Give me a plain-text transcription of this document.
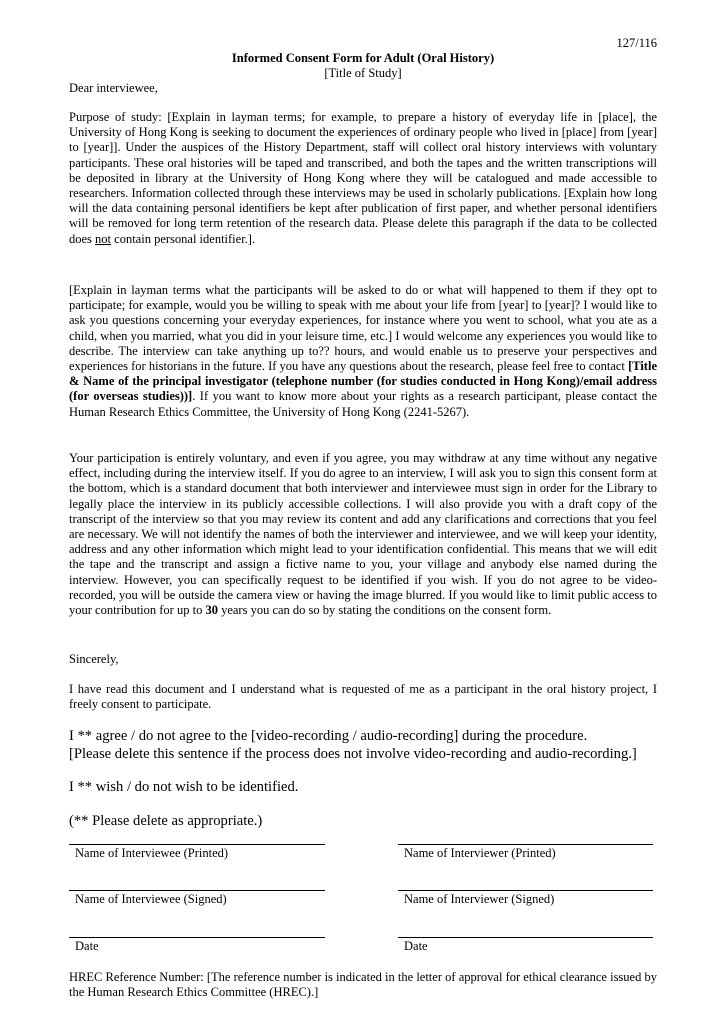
127/116
Informed Consent Form for Adult (Oral History)
[Title of Study]
Dear interviewee,
Purpose of study: [Explain in layman terms; for example, to prepare a history of everyday life in [place], the University of Hong Kong is seeking to document the experiences of ordinary people who lived in [place] from [year] to [year]]. Under the auspices of the History Department, staff will collect oral history interviews with voluntary participants. These oral histories will be taped and transcribed, and both the tapes and the written transcriptions will be deposited in library at the University of Hong Kong where they will be catalogued and made accessible to researchers. Information collected through these interviews may be used in scholarly publications. [Explain how long will the data containing personal identifiers be kept after publication of first paper, and whether personal identifiers will be removed for long term retention of the research data. Please delete this paragraph if the data to be collected does not contain personal identifier.].
[Explain in layman terms what the participants will be asked to do or what will happened to them if they opt to participate; for example, would you be willing to speak with me about your life from [year] to [year]? I would like to ask you questions concerning your everyday experiences, for instance where you went to school, what you ate as a child, when you married, what you did in your leisure time, etc.] I would welcome any experiences you would like to describe. The interview can take anything up to?? hours, and would enable us to preserve your perspectives and experiences for historians in the future. If you have any questions about the research, please feel free to contact [Title & Name of the principal investigator (telephone number (for studies conducted in Hong Kong)/email address (for overseas studies))]. If you want to know more about your rights as a research participant, please contact the Human Research Ethics Committee, the University of Hong Kong (2241-5267).
Your participation is entirely voluntary, and even if you agree, you may withdraw at any time without any negative effect, including during the interview itself. If you do agree to an interview, I will ask you to sign this consent form at the bottom, which is a standard document that both interviewer and interviewee must sign in order for the Library to legally place the interview in its publicly accessible collections. I will also provide you with a draft copy of the transcript of the interview so that you may review its content and add any clarifications and corrections that you feel are necessary. We will not identify the names of both the interviewer and interviewee, and we will keep your identity, address and any other information which might lead to your identification confidential. This means that we will edit the tape and the transcript and assign a fictive name to you, your village and anybody else named during the interview. However, you can specifically request to be identified if you wish. If you do not agree to be video-recorded, you will be outside the camera view or having the image blurred. If you would like to limit public access to your contribution for up to 30 years you can do so by stating the conditions on the consent form.
Sincerely,
I have read this document and I understand what is requested of me as a participant in the oral history project, I freely consent to participate.
I ** agree / do not agree to the [video-recording / audio-recording] during the procedure.
[Please delete this sentence if the process does not involve video-recording and audio-recording.]
I ** wish / do not wish to be identified.
(** Please delete as appropriate.)
Name of Interviewee (Printed)	Name of Interviewer (Printed)
Name of Interviewee (Signed)	Name of Interviewer (Signed)
Date	Date
HREC Reference Number: [The reference number is indicated in the letter of approval for ethical clearance issued by the Human Research Ethics Committee (HREC).]
